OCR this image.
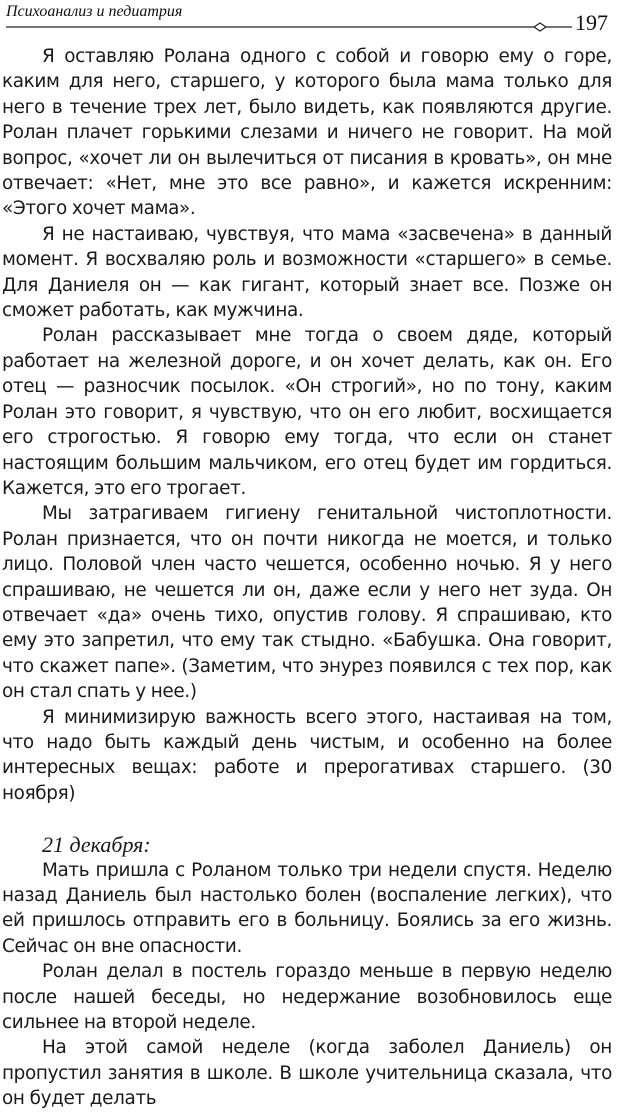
Психоанализ и педиатрия	197

Я оставляю Ролана одного с собой и говорю ему о горе, каким для него, старшего, у которого была мама только для него в течение трех лет, было видеть, как появляются другие. Ролан плачет горькими слезами и ничего не говорит. На мой вопрос, «хочет ли он вылечиться от писания в кровать», он мне отвечает: «Нет, мне это все равно», и кажется искренним: «Этого хочет мама».

Я не настаиваю, чувствуя, что мама «засвечена» в данный момент. Я восхваляю роль и возможности «старшего» в семье. Для Даниеля он — как гигант, который знает все. Позже он сможет работать, как мужчина.

Ролан рассказывает мне тогда о своем дяде, который работает на железной дороге, и он хочет делать, как он. Его отец — разносчик посылок. «Он строгий», но по тону, каким Ролан это говорит, я чувствую, что он его любит, восхищается его строгостью. Я говорю ему тогда, что если он станет настоящим большим мальчиком, его отец будет им гордиться. Кажется, это его трогает.

Мы затрагиваем гигиену генитальной чистоплотности. Ролан признается, что он почти никогда не моется, и только лицо. Половой член часто чешется, особенно ночью. Я у него спрашиваю, не чешется ли он, даже если у него нет зуда. Он отвечает «да» очень тихо, опустив голову. Я спрашиваю, кто ему это запретил, что ему так стыдно. «Бабушка. Она говорит, что скажет папе». (Заметим, что энурез появился с тех пор, как он стал спать у нее.)

Я минимизирую важность всего этого, настаивая на том, что надо быть каждый день чистым, и особенно на более интересных вещах: работе и прерогативах старшего. (30 ноября)

21 декабря:

Мать пришла с Роланом только три недели спустя. Неделю назад Даниель был настолько болен (воспаление легких), что ей пришлось отправить его в больницу. Боялись за его жизнь. Сейчас он вне опасности.

Ролан делал в постель гораздо меньше в первую неделю после нашей беседы, но недержание возобновилось еще сильнее на второй неделе.

На этой самой неделе (когда заболел Даниель) он пропустил занятия в школе. В школе учительница сказала, что он будет делать
